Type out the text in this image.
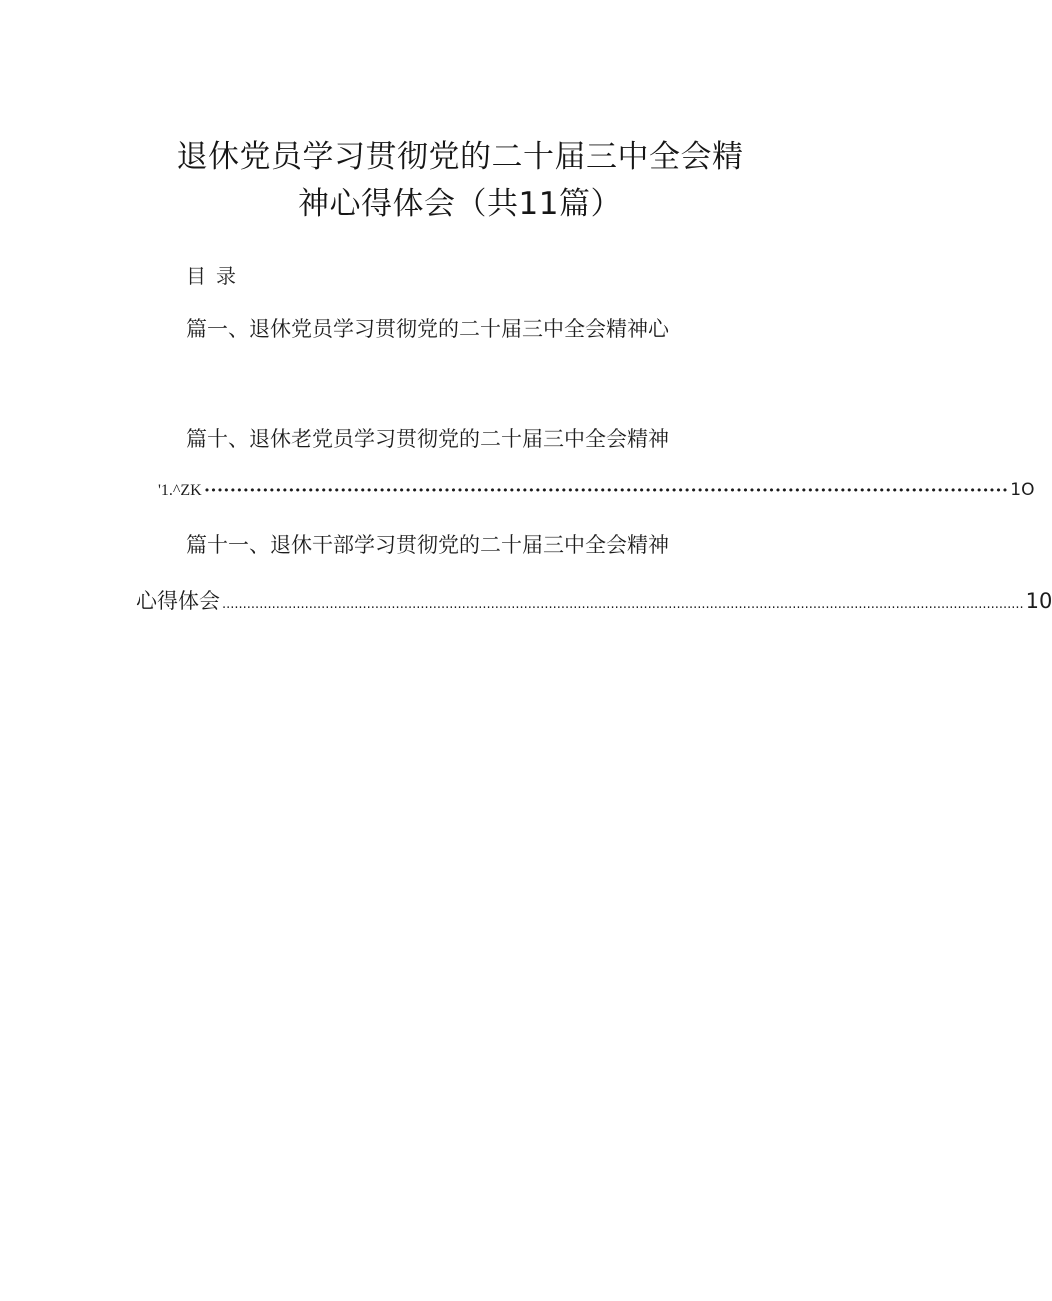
退休党员学习贯彻党的二十届三中全会精
神心得体会（共11篇）
目录
篇一、退休党员学习贯彻党的二十届三中全会精神心
篇十、退休老党员学习贯彻党的二十届三中全会精神
'1.^ZK •••••••••••••••••••••••••••••••••••••••••••••••••••••••••••••••••••••••••••••••••••••••••••••••••••••••••••••••••••••••••••• 1O
篇十一、退休干部学习贯彻党的二十届三中全会精神
心得体会 .................................................................................................................................................................................................. 10
